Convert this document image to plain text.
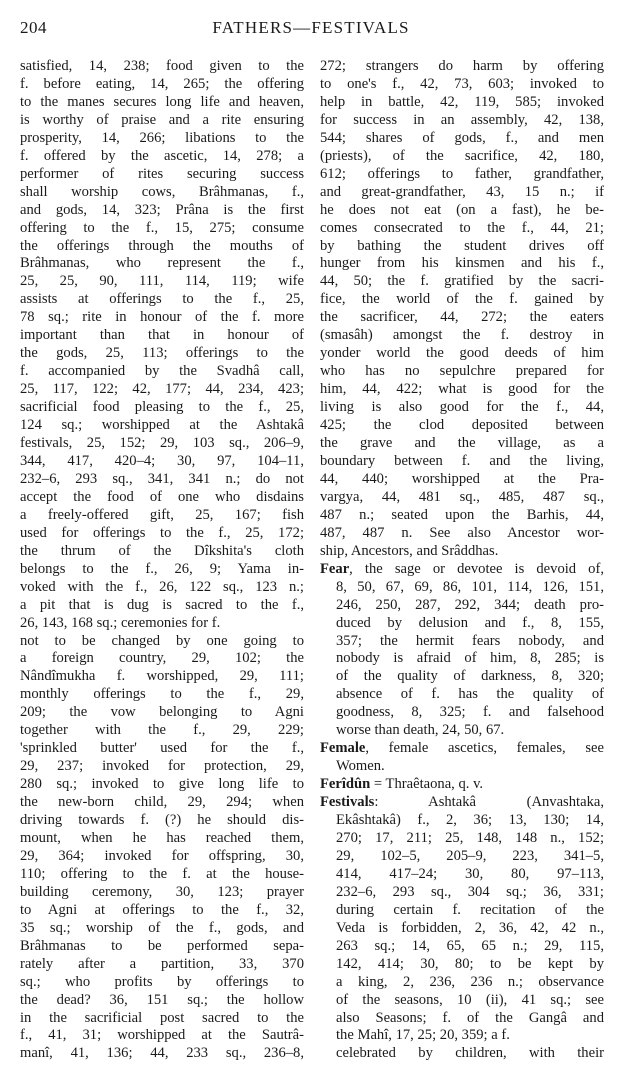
204	FATHERS—FESTIVALS
satisfied, 14, 238; food given to the
f. before eating, 14, 265; the offering
to the manes secures long life and heaven,
is worthy of praise and a rite ensuring
prosperity, 14, 266; libations to the
f. offered by the ascetic, 14, 278; a
performer of rites securing success
shall worship cows, Brâhmanas, f.,
and gods, 14, 323; Prâna is the first
offering to the f., 15, 275; consume
the offerings through the mouths of
Brâhmanas, who represent the f.,
25, 25, 90, 111, 114, 119; wife
assists at offerings to the f., 25,
78 sq.; rite in honour of the f. more
important than that in honour of
the gods, 25, 113; offerings to the
f. accompanied by the Svadhâ call,
25, 117, 122; 42, 177; 44, 234, 423;
sacrificial food pleasing to the f., 25,
124 sq.; worshipped at the Ashtakâ
festivals, 25, 152; 29, 103 sq., 206–9,
344, 417, 420–4; 30, 97, 104–11,
232–6, 293 sq., 341, 341 n.; do not
accept the food of one who disdains
a freely-offered gift, 25, 167; fish
used for offerings to the f., 25, 172;
the thrum of the Dîkshita's cloth
belongs to the f., 26, 9; Yama in-
voked with the f., 26, 122 sq., 123 n.;
a pit that is dug is sacred to the f.,
26, 143, 168 sq.; ceremonies for f.
not to be changed by one going to
a foreign country, 29, 102; the
Nândîmukha f. worshipped, 29, 111;
monthly offerings to the f., 29,
209; the vow belonging to Agni
together with the f., 29, 229;
'sprinkled butter' used for the f.,
29, 237; invoked for protection, 29,
280 sq.; invoked to give long life to
the new-born child, 29, 294; when
driving towards f. (?) he should dis-
mount, when he has reached them,
29, 364; invoked for offspring, 30,
110; offering to the f. at the house-
building ceremony, 30, 123; prayer
to Agni at offerings to the f., 32,
35 sq.; worship of the f., gods, and
Brâhmanas to be performed sepa-
rately after a partition, 33, 370
sq.; who profits by offerings to
the dead? 36, 151 sq.; the hollow
in the sacrificial post sacred to the
f., 41, 31; worshipped at the Sautrâ-
manî, 41, 136; 44, 233 sq., 236–8,
272; strangers do harm by offering
to one's f., 42, 73, 603; invoked to
help in battle, 42, 119, 585; invoked
for success in an assembly, 42, 138,
544; shares of gods, f., and men
(priests), of the sacrifice, 42, 180,
612; offerings to father, grandfather,
and great-grandfather, 43, 15 n.; if
he does not eat (on a fast), he be-
comes consecrated to the f., 44, 21;
by bathing the student drives off
hunger from his kinsmen and his f.,
44, 50; the f. gratified by the sacri-
fice, the world of the f. gained by
the sacrificer, 44, 272; the eaters
(smasâh) amongst the f. destroy in
yonder world the good deeds of him
who has no sepulchre prepared for
him, 44, 422; what is good for the
living is also good for the f., 44,
425; the clod deposited between
the grave and the village, as a
boundary between f. and the living,
44, 440; worshipped at the Pra-
vargya, 44, 481 sq., 485, 487 sq.,
487 n.; seated upon the Barhis, 44,
487, 487 n. See also Ancestor wor-
ship, Ancestors, and Srâddhas.
Fear, the sage or devotee is devoid of,
8, 50, 67, 69, 86, 101, 114, 126, 151,
246, 250, 287, 292, 344; death pro-
duced by delusion and f., 8, 155,
357; the hermit fears nobody, and
nobody is afraid of him, 8, 285; is
of the quality of darkness, 8, 320;
absence of f. has the quality of
goodness, 8, 325; f. and falsehood
worse than death, 24, 50, 67.
Female, female ascetics, females, see
Women.
Ferîdûn = Thraêtaona, q. v.
Festivals: Ashtakâ (Anvashtaka,
Ekâshtakâ) f., 2, 36; 13, 130; 14,
270; 17, 211; 25, 148, 148 n., 152;
29, 102–5, 205–9, 223, 341–5,
414, 417–24; 30, 80, 97–113,
232–6, 293 sq., 304 sq.; 36, 331;
during certain f. recitation of the
Veda is forbidden, 2, 36, 42, 42 n.,
263 sq.; 14, 65, 65 n.; 29, 115,
142, 414; 30, 80; to be kept by
a king, 2, 236, 236 n.; observance
of the seasons, 10 (ii), 41 sq.; see
also Seasons; f. of the Gangâ and
the Mahî, 17, 25; 20, 359; a f.
celebrated by children, with their
